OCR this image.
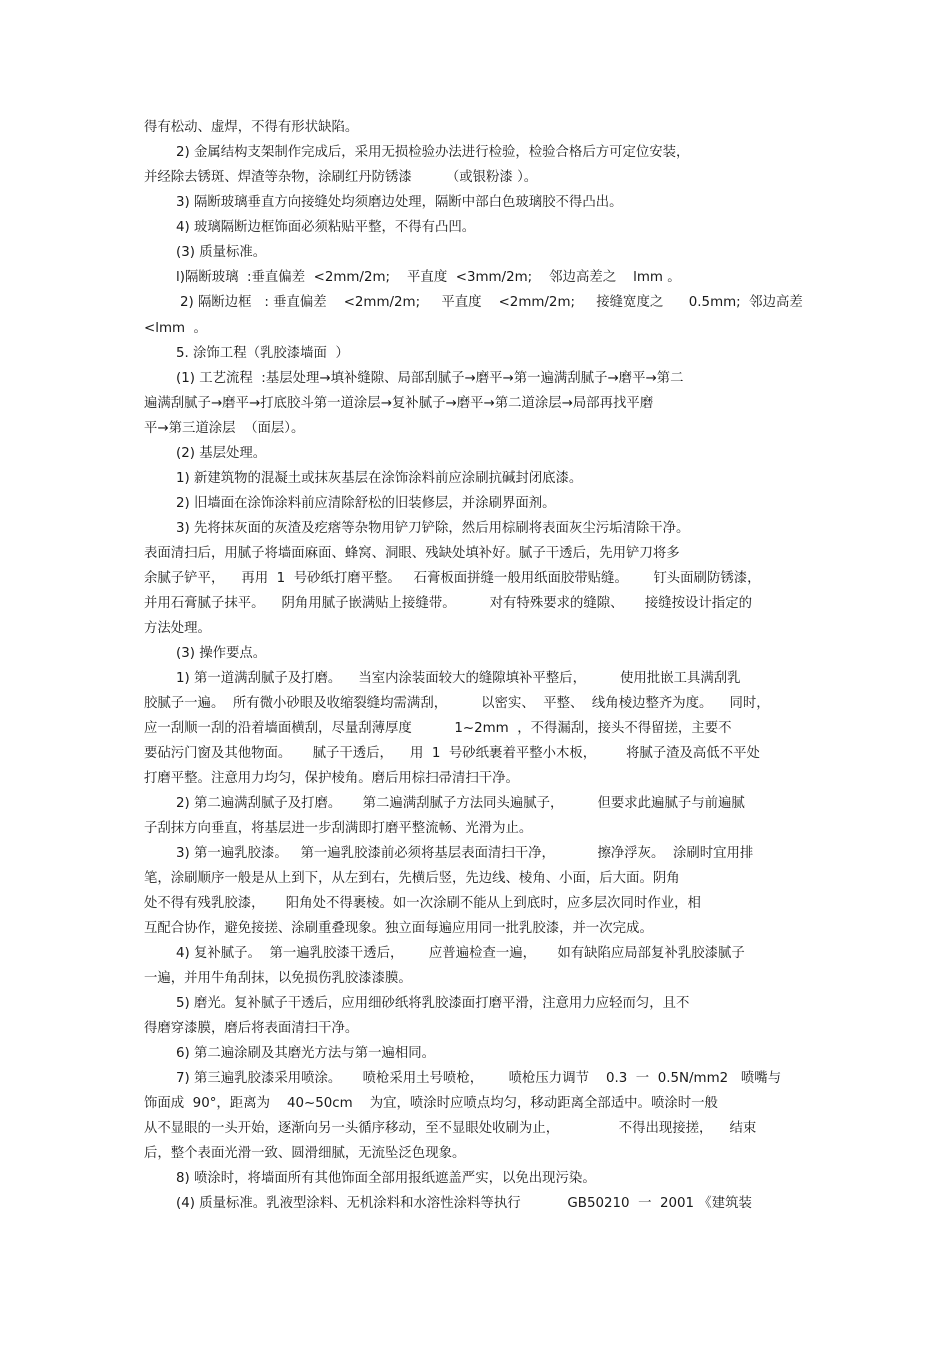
得有松动、虚焊，不得有形状缺陷。
2) 金属结构支架制作完成后，采用无损检验办法进行检验，检验合格后方可定位安装，
并经除去锈斑、焊渣等杂物，涂刷红丹防锈漆        （或银粉漆 ）。
3) 隔断玻璃垂直方向接缝处均须磨边处理，隔断中部白色玻璃胶不得凸出。
4) 玻璃隔断边框饰面必须粘贴平整，不得有凸凹。
(3) 质量标准。
l)隔断玻璃  :垂直偏差  <2mm/2m;    平直度  <3mm/2m;    邻边高差之    lmm 。
2) 隔断边框   : 垂直偏差    <2mm/2m;     平直度    <2mm/2m;     接缝宽度之      0.5mm;  邻边高差
<lmm  。
5. 涂饰工程（乳胶漆墙面  ）
(1) 工艺流程  :基层处理→填补缝隙、局部刮腻子→磨平→第一遍满刮腻子→磨平→第二
遍满刮腻子→磨平→打底胶斗第一道涂层→复补腻子→磨平→第二道涂层→局部再找平磨
平→第三道涂层  （面层）。
(2) 基层处理。
1) 新建筑物的混凝土或抹灰基层在涂饰涂料前应涂刷抗碱封闭底漆。
2) 旧墙面在涂饰涂料前应清除舒松的旧装修层，并涂刷界面剂。
3) 先将抹灰面的灰渣及疙瘩等杂物用铲刀铲除，然后用棕刷将表面灰尘污垢清除干净。
表面清扫后，用腻子将墙面麻面、蜂窝、洞眼、残缺处填补好。腻子干透后，先用铲刀将多
余腻子铲平，    再用  1  号砂纸打磨平整。   石膏板面拼缝一般用纸面胶带贴缝。      钉头面刷防锈漆，
并用石膏腻子抹平。    阴角用腻子嵌满贴上接缝带。        对有特殊要求的缝隙、     接缝按设计指定的
方法处理。
(3) 操作要点。
1) 第一道满刮腻子及打磨。    当室内涂装面较大的缝隙填补平整后，        使用批嵌工具满刮乳
胶腻子一遍。  所有微小砂眼及收缩裂缝均需满刮，        以密实、  平整、  线角棱边整齐为度。    同时，
应一刮顺一刮的沿着墙面横刮，尽量刮薄厚度          1~2mm  ，不得漏刮，接头不得留搓，主要不
要砧污门窗及其他物面。     腻子干透后，    用  1  号砂纸裹着平整小木板，       将腻子渣及高低不平处
打磨平整。注意用力均匀，保护棱角。磨后用棕扫帚清扫干净。
2) 第二遍满刮腻子及打磨。     第二遍满刮腻子方法同头遍腻子，        但要求此遍腻子与前遍腻
子刮抹方向垂直，将基层进一步刮满即打磨平整流畅、光滑为止。
3) 第一遍乳胶漆。   第一遍乳胶漆前必须将基层表面清扫干净，          擦净浮灰。  涂刷时宜用排
笔，涂刷顺序一般是从上到下，从左到右，先横后竖，先边线、棱角、小面，后大面。阴角
处不得有残乳胶漆，     阳角处不得裹棱。如一次涂刷不能从上到底时，应多层次同时作业，相
互配合协作，避免接搓、涂刷重叠现象。独立面每遍应用同一批乳胶漆，并一次完成。
4) 复补腻子。  第一遍乳胶漆干透后，      应普遍检查一遍，     如有缺陷应局部复补乳胶漆腻子
一遍，并用牛角刮抹，以免损伤乳胶漆漆膜。
5) 磨光。复补腻子干透后，应用细砂纸将乳胶漆面打磨平滑，注意用力应轻而匀，且不
得磨穿漆膜，磨后将表面清扫干净。
6) 第二遍涂刷及其磨光方法与第一遍相同。
7) 第三遍乳胶漆采用喷涂。     喷枪采用土号喷枪，      喷枪压力调节    0.3  一  0.5N/mm2   喷嘴与
饰面成  90°，距离为    40~50cm    为宜，喷涂时应喷点均匀，移动距离全部适中。喷涂时一般
从不显眼的一头开始，逐渐向另一头循序移动，至不显眼处收刷为止，              不得出现接搓，    结束
后，整个表面光滑一致、圆滑细腻，无流坠泛色现象。
8) 喷涂时，将墙面所有其他饰面全部用报纸遮盖严实，以免出现污染。
(4) 质量标准。乳液型涂料、无机涂料和水溶性涂料等执行           GB50210  一  2001 《建筑装
